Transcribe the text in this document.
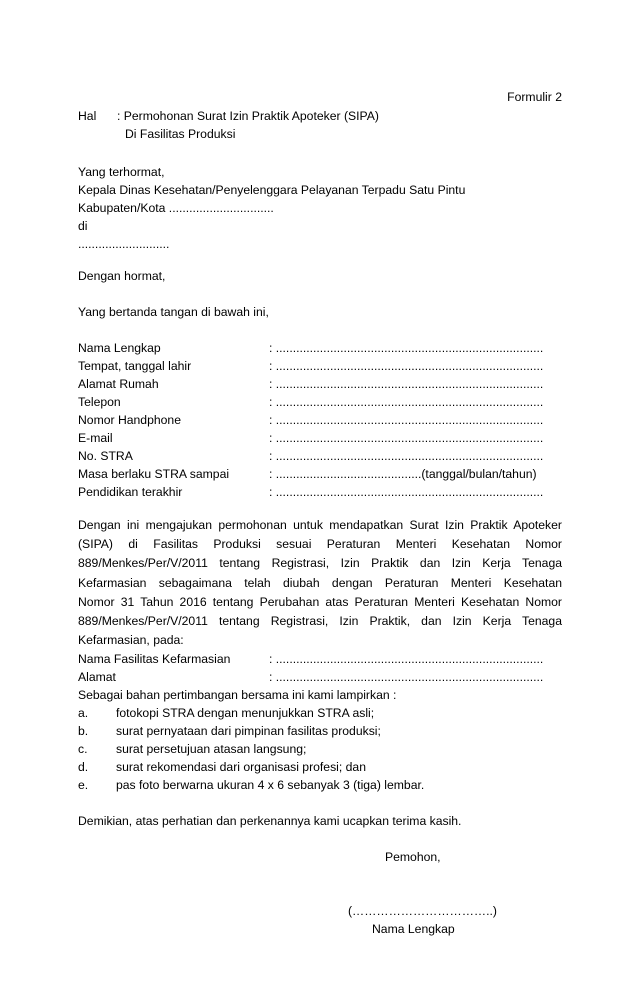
Formulir 2
Hal : Permohonan Surat Izin Praktik Apoteker (SIPA)
Di Fasilitas Produksi
Yang terhormat,
Kepala Dinas Kesehatan/Penyelenggara Pelayanan Terpadu Satu Pintu
Kabupaten/Kota ...............................
di
...........................
Dengan hormat,
Yang bertanda tangan di bawah ini,
Nama Lengkap	: ...............................................................................
Tempat, tanggal lahir	: ...............................................................................
Alamat Rumah	: ...............................................................................
Telepon	: ...............................................................................
Nomor Handphone	: ...............................................................................
E-mail	: ...............................................................................
No. STRA	: ...............................................................................
Masa berlaku STRA sampai	: ...........................................(tanggal/bulan/tahun)
Pendidikan terakhir	: ...............................................................................

Dengan ini mengajukan permohonan untuk mendapatkan Surat Izin Praktik Apoteker

(SIPA) di Fasilitas Produksi sesuai Peraturan Menteri Kesehatan Nomor

889/Menkes/Per/V/2011 tentang Registrasi, Izin Praktik dan Izin Kerja Tenaga

Kefarmasian sebagaimana telah diubah dengan Peraturan Menteri Kesehatan

Nomor 31 Tahun 2016 tentang Perubahan atas Peraturan Menteri Kesehatan Nomor

889/Menkes/Per/V/2011 tentang Registrasi, Izin Praktik, dan Izin Kerja Tenaga

Kefarmasian, pada:

Nama Fasilitas Kefarmasian	: ...............................................................................
Alamat	: ...............................................................................
Sebagai bahan pertimbangan bersama ini kami lampirkan :
a. fotokopi STRA dengan menunjukkan STRA asli;
b. surat pernyataan dari pimpinan fasilitas produksi;
c. surat persetujuan atasan langsung;
d. surat rekomendasi dari organisasi profesi; dan
e. pas foto berwarna ukuran 4 x 6 sebanyak 3 (tiga) lembar.
Demikian, atas perhatian dan perkenannya kami ucapkan terima kasih.
Pemohon,
(……………………………..)
Nama Lengkap
